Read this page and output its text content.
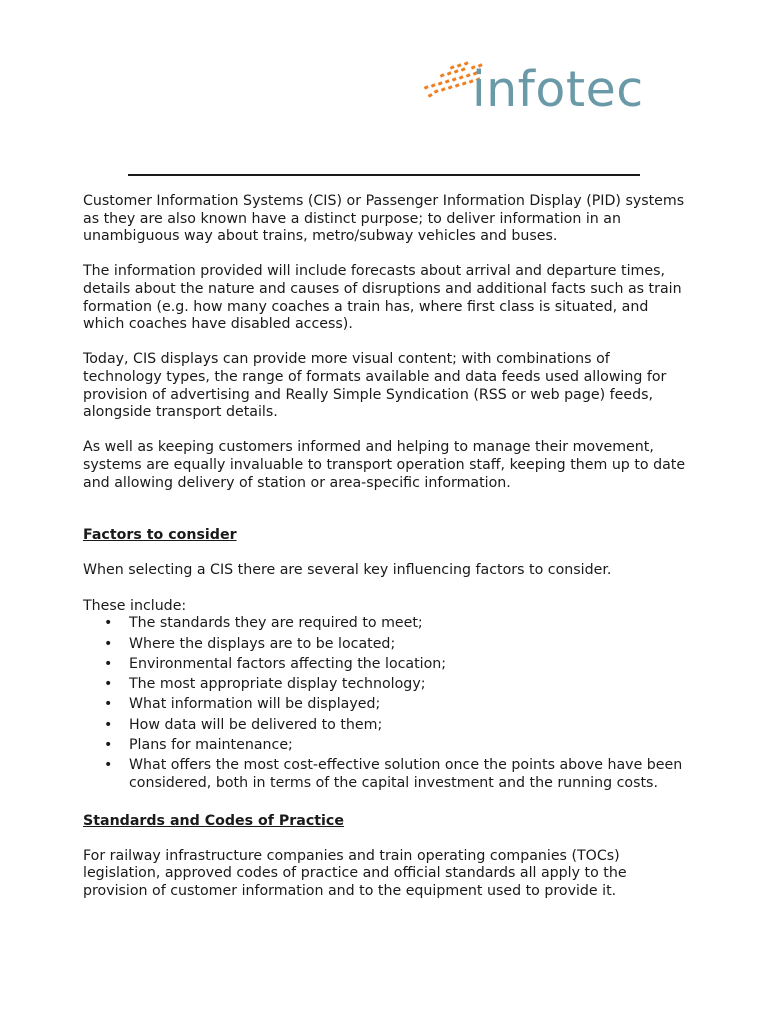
infotec

Customer Information Systems (CIS) or Passenger Information Display (PID) systems as they are also known have a distinct purpose; to deliver information in an unambiguous way about trains, metro/subway vehicles and buses.

The information provided will include forecasts about arrival and departure times, details about the nature and causes of disruptions and additional facts such as train formation (e.g. how many coaches a train has, where first class is situated, and which coaches have disabled access).

Today, CIS displays can provide more visual content; with combinations of technology types, the range of formats available and data feeds used allowing for provision of advertising and Really Simple Syndication (RSS or web page) feeds, alongside transport details.

As well as keeping customers informed and helping to manage their movement, systems are equally invaluable to transport operation staff, keeping them up to date and allowing delivery of station or area-specific information.

Factors to consider

When selecting a CIS there are several key influencing factors to consider.

These include:

• The standards they are required to meet;
• Where the displays are to be located;
• Environmental factors affecting the location;
• The most appropriate display technology;
• What information will be displayed;
• How data will be delivered to them;
• Plans for maintenance;
• What offers the most cost-effective solution once the points above have been considered, both in terms of the capital investment and the running costs.

Standards and Codes of Practice

For railway infrastructure companies and train operating companies (TOCs) legislation, approved codes of practice and official standards all apply to the provision of customer information and to the equipment used to provide it.
